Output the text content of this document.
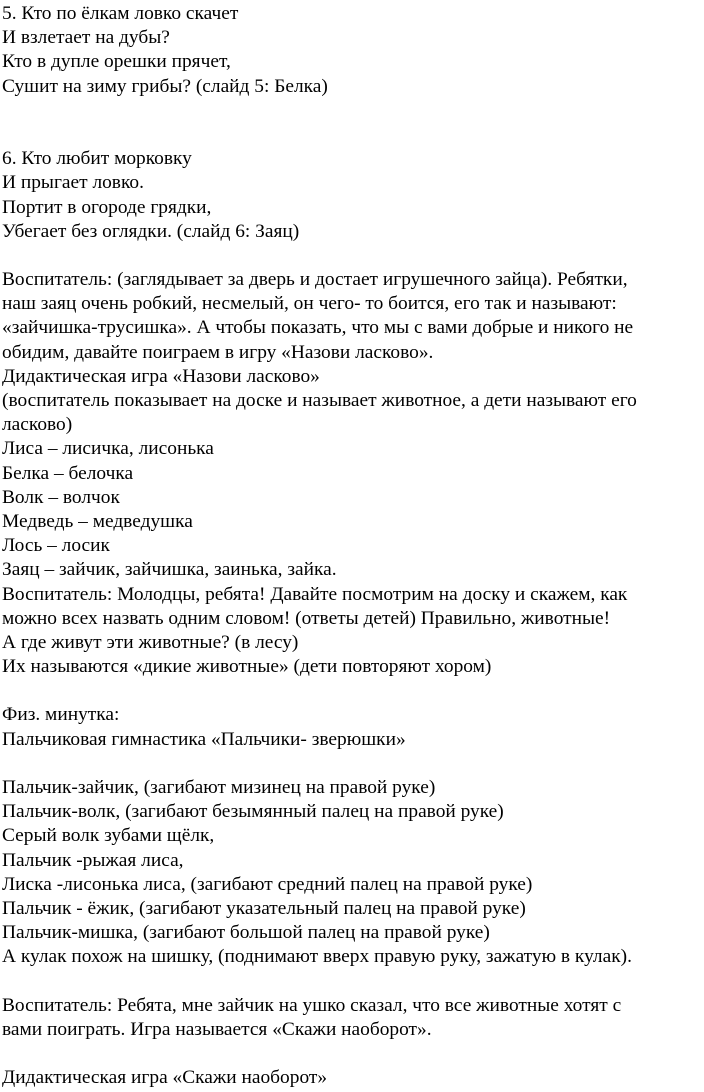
5. Кто по ёлкам ловко скачет
И взлетает на дубы?
Кто в дупле орешки прячет,
Сушит на зиму грибы? (слайд 5: Белка)
6. Кто любит морковку
И прыгает ловко.
Портит в огороде грядки,
Убегает без оглядки. (слайд 6: Заяц)
Воспитатель: (заглядывает за дверь и достает игрушечного зайца). Ребятки,
наш заяц очень робкий, несмелый, он чего- то боится, его так и называют:
«зайчишка-трусишка». А чтобы показать, что мы с вами добрые и никого не
обидим, давайте поиграем в игру «Назови ласково».
Дидактическая игра «Назови ласково»
(воспитатель показывает на доске и называет животное, а дети называют его
ласково)
Лиса – лисичка, лисонька
Белка – белочка
Волк – волчок
Медведь – медведушка
Лось – лосик
Заяц – зайчик, зайчишка, заинька, зайка.
Воспитатель: Молодцы, ребята! Давайте посмотрим на доску и скажем, как
можно всех назвать одним словом! (ответы детей) Правильно, животные!
А где живут эти животные? (в лесу)
Их называются «дикие животные» (дети повторяют хором)
Физ. минутка:
Пальчиковая гимнастика «Пальчики- зверюшки»
Пальчик-зайчик, (загибают мизинец на правой руке)
Пальчик-волк, (загибают безымянный палец на правой руке)
Серый волк зубами щёлк,
Пальчик -рыжая лиса,
Лиска -лисонька лиса, (загибают средний палец на правой руке)
Пальчик - ёжик, (загибают указательный палец на правой руке)
Пальчик-мишка, (загибают большой палец на правой руке)
А кулак похож на шишку, (поднимают вверх правую руку, зажатую в кулак).
Воспитатель: Ребята, мне зайчик на ушко сказал, что все животные хотят с
вами поиграть. Игра называется «Скажи наоборот».
Дидактическая игра «Скажи наоборот»
